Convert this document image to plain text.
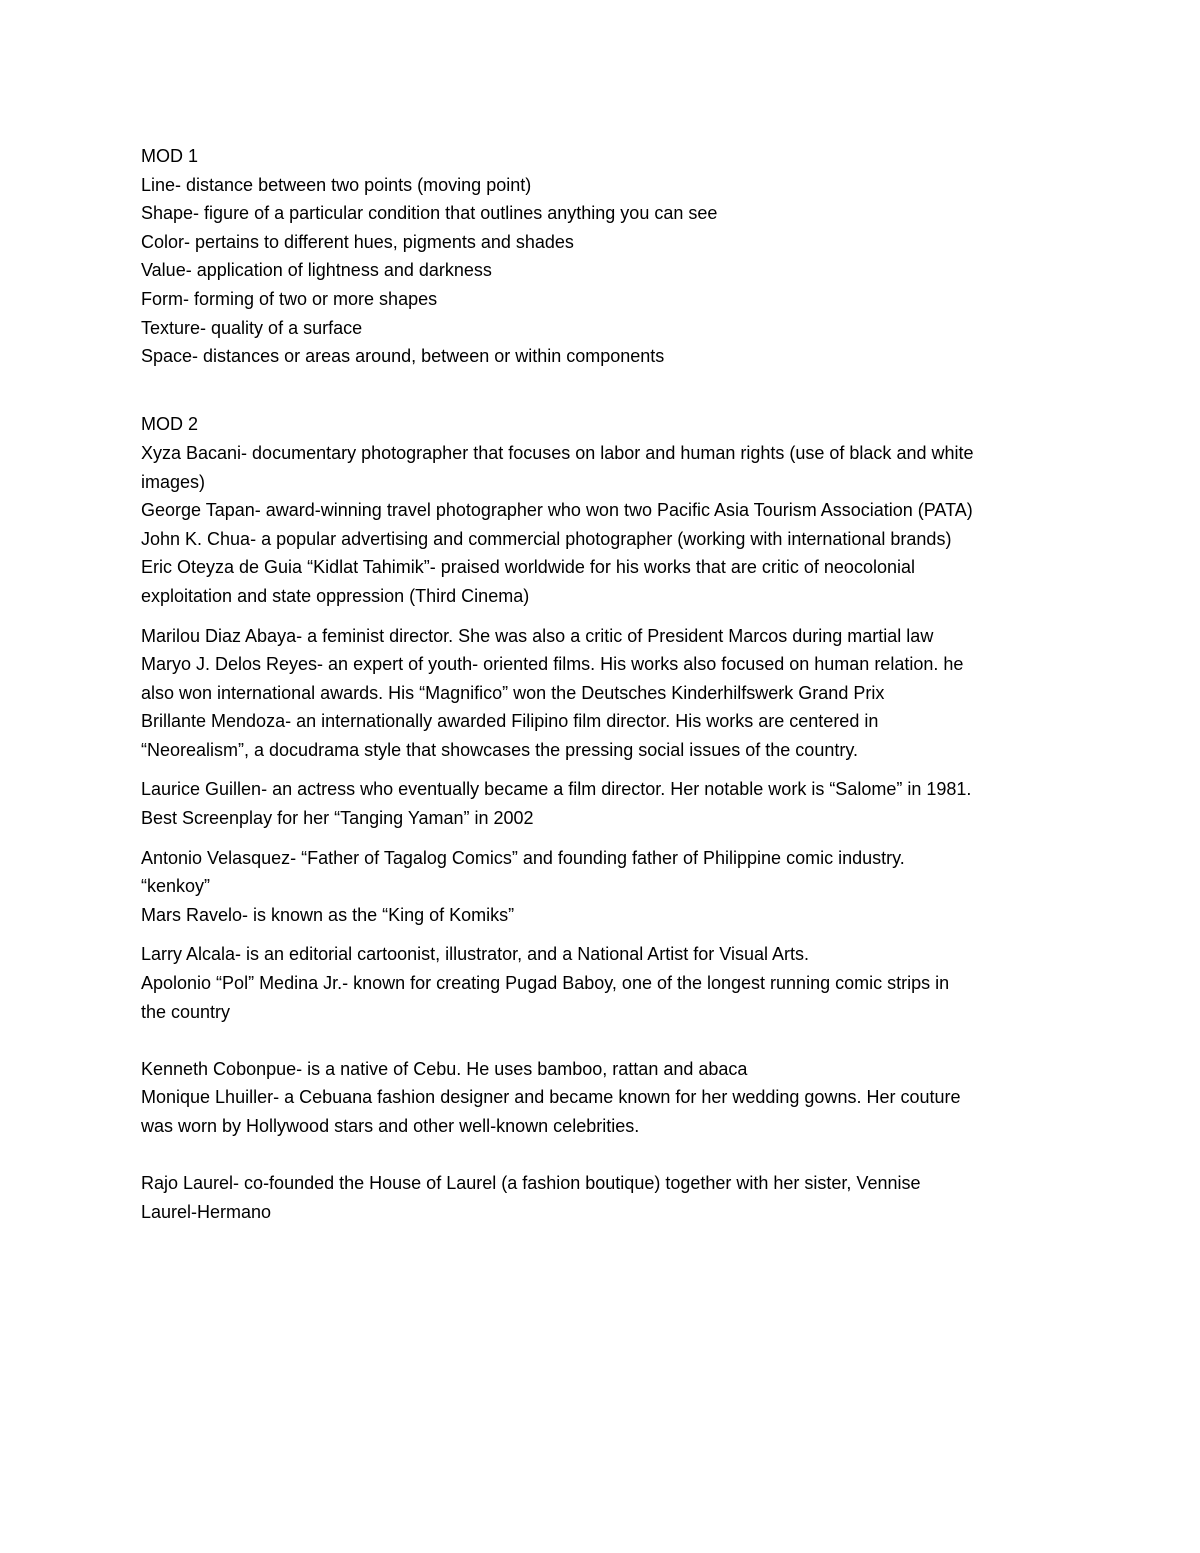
MOD 1
Line- distance between two points (moving point)
Shape- figure of a particular condition that outlines anything you can see
Color- pertains to different hues, pigments and shades
Value- application of lightness and darkness
Form- forming of two or more shapes
Texture- quality of a surface
Space- distances or areas around, between or within components
MOD 2
Xyza Bacani- documentary photographer that focuses on labor and human rights (use of black and white
images)
George Tapan- award-winning travel photographer who won two Pacific Asia Tourism Association (PATA)
John K. Chua- a popular advertising and commercial photographer (working with international brands)
Eric Oteyza de Guia “Kidlat Tahimik”- praised worldwide for his works that are critic of neocolonial
exploitation and state oppression (Third Cinema)
Marilou Diaz Abaya- a feminist director. She was also a critic of President Marcos during martial law
Maryo J. Delos Reyes- an expert of youth- oriented films. His works also focused on human relation. he
also won international awards. His “Magnifico” won the Deutsches Kinderhilfswerk Grand Prix
Brillante Mendoza- an internationally awarded Filipino film director. His works are centered in
“Neorealism”, a docudrama style that showcases the pressing social issues of the country.
Laurice Guillen- an actress who eventually became a film director. Her notable work is “Salome” in 1981.
Best Screenplay for her “Tanging Yaman” in 2002
Antonio Velasquez- “Father of Tagalog Comics” and founding father of Philippine comic industry.
“kenkoy”
Mars Ravelo- is known as the “King of Komiks”
Larry Alcala- is an editorial cartoonist, illustrator, and a National Artist for Visual Arts.
Apolonio “Pol” Medina Jr.- known for creating Pugad Baboy, one of the longest running comic strips in
the country
Kenneth Cobonpue- is a native of Cebu. He uses bamboo, rattan and abaca
Monique Lhuiller- a Cebuana fashion designer and became known for her wedding gowns. Her couture
was worn by Hollywood stars and other well-known celebrities.
Rajo Laurel- co-founded the House of Laurel (a fashion boutique) together with her sister, Vennise
Laurel-Hermano
